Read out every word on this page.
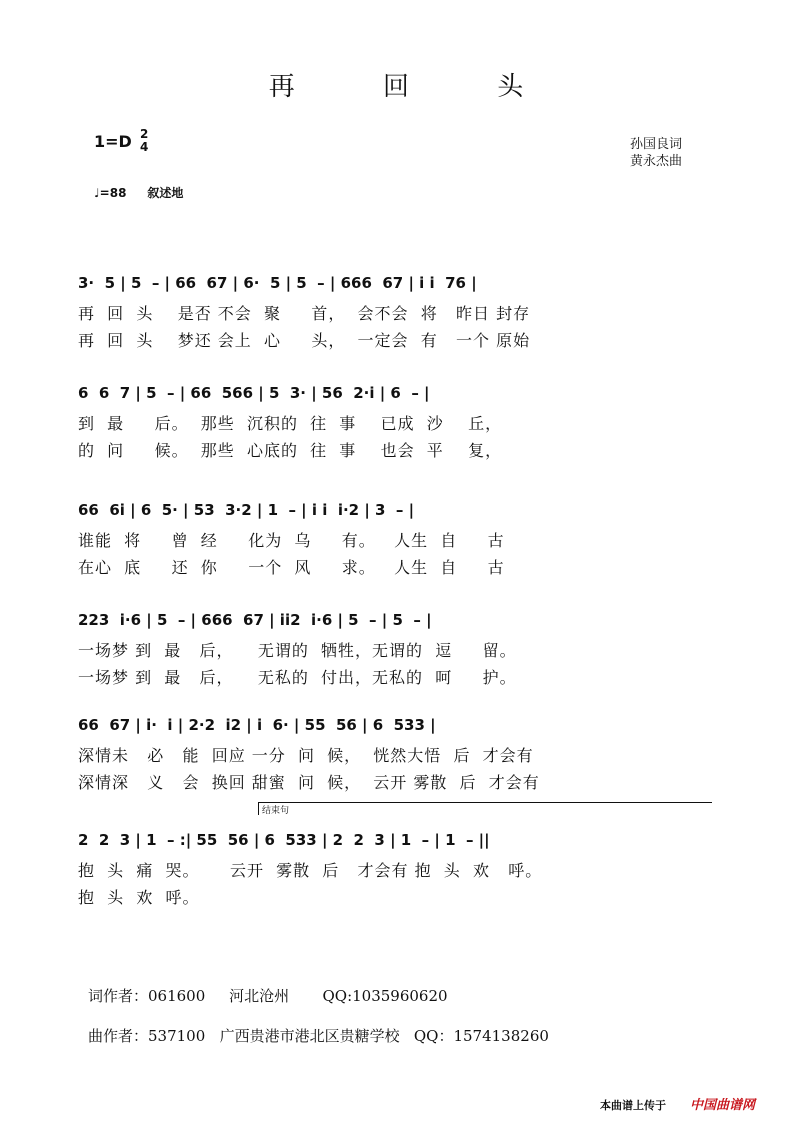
再 回 头
1=D 2
4
♩=88 叙述地
孙国良词
黄永杰曲
3·  5 | 5  – | 66  67 | 6·  5 | 5  – | 666  67 | i i  76 |
再  回  头    是否 不会  聚     首，  会不会  将   昨日 封存
再  回  头    梦还 会上  心     头，  一定会  有   一个 原始
6  6  7 | 5  – | 66  566 | 5  3· | 56  2·i | 6  – |
到  最     后。  那些  沉积的  往  事    已成  沙    丘，
的  问     候。  那些  心底的  往  事    也会  平    复，
66  6i | 6  5· | 53  3·2 | 1  – | i i  i·2 | 3  – |
谁能  将     曾  经     化为  乌     有。   人生  自     古
在心  底     还  你     一个  风     求。   人生  自     古
223  i·6 | 5  – | 666  67 | ii2  i·6 | 5  – | 5  – |
一场梦 到  最   后，    无谓的  牺牲，无谓的  逗     留。
一场梦 到  最   后，    无私的  付出，无私的  呵     护。
66  67 | i·  i | 2·2  i2 | i  6· | 55  56 | 6  533 |
深情未   必   能  回应 一分  问  候，  恍然大悟  后  才会有
深情深   义   会  换回 甜蜜  问  候，  云开 雾散  后  才会有
结束句
2  2  3 | 1  – :| 55  56 | 6  533 | 2  2  3 | 1  – | 1  – ||
抱  头  痛  哭。     云开  雾散  后   才会有 抱  头  欢   呼。
抱  头  欢  呼。
词作者：061600     河北沧州       QQ:1035960620
曲作者：537100   广西贵港市港北区贵糖学校   QQ：1574138260
本曲谱上传于 中国曲谱网
